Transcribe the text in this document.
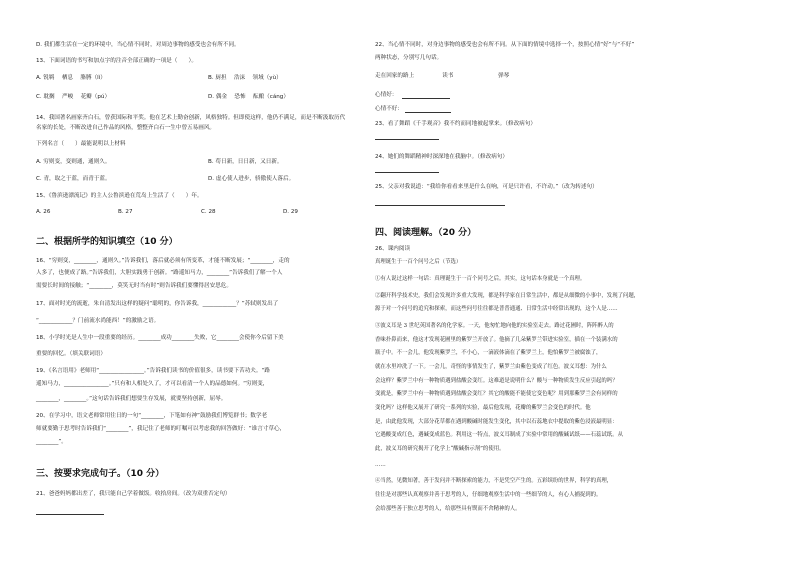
D. 我们都生活在一定的环境中，当心情不同时，对周边事物的感受也会有所不同。
13、下面词语的书写和加点字的注音全部正确的一项是（　　）。
A. 锐羁　 栖息　 胳膊（lì）	B. 厨担　 浩沫　 领域（yù）
C. 耽搁　 严峻　 花瓣（pú）	D. 偶金　 恐怖　 酝酿（cáng）
14、我国著名画家齐白石，曾获国际和平奖。他在艺术上勤奋创新，风格独特。但即使这样，他仍不满足，而是不断汲取历代
名家的长处，不断改进自己作品的风格，整整齐白石一生中曾五易画风。
下列名言（　　）最能说明以上材料
A. 穷则变，变则通，通则久。	B. 苟日新，日日新，又日新。
C. 青，取之于蓝，而青于蓝。	D. 虚心使人进步，骄傲使人落后。
15、《鲁滨逊漂流记》的主人公鲁滨逊在荒岛上生活了（　　）年。
A. 26	B. 27	C. 28	D. 29
二、根据所学的知识填空（10 分）
16、“穷则变，________，通则久。”告诉我们，落后就必须有所变革，才能不断发展；“________，走的
人多了，也便成了路。”告诉我们，大胆实践勇于创新。“路遥知马力，________”告诉我们了解一个人
需要长时间的接触；“________，莫笑无时当有时”则告诉我们要懂得居安思危。
17、面对时光的流逝，朱自清发出这样的疑问“聪明的，你告诉我，____________？”苏轼则发出了
“____________？门前流水尚能西！”的激励之语。
18、小学时光是人生中一段重要的经历。________成功________失败，它________会使你今后留下美
重要的回忆。（填关联词语）
19、《名言语用》老师用“________________。”告诉我们读书的价值很多，读书要下苦功夫。“路
遥知马力，________________。”只有和人相处久了，才可以看清一个人的品德如何。“穷则变，
________，________。”这句话告诉我们想要生存发展，就要坚持创新，屈辱。
20、在学习中，语文老师常用往日的一句“________，下笔如有神”鼓励我们博览群书；数学老
师就要勤于思考时告诉我们“________”，我记住了老师的叮嘱可以考虑我的回答做好：“谁言寸草心，
________”。
三、按要求完成句子。（10 分）
21、爸爸妈妈都出差了，我只能自己学着做饭。收拾房间。（改为双重否定句）
22、当心情不同时，对身边事物的感受也会有所不同。从下面的情境中选择一个，按照心情“好”与“不好”
两种状态，分别写几句话。
走在回家的路上　　　　　读书　　　　　　　　弹琴
心情好：
心情不好：
23、看了舞蹈《千手观音》我不约而同地被起掌来。（修改病句）
24、她们的舞蹈精神时深深地在我脑中。（修改病句）
25、父亲对我说道：“我给你看看来里是什么在响，可是只许看，不许动。”（改为转述句）
四、阅读理解。（20 分）
26、课内阅读
真理诞生于一百个问号之后（节选）
①有人说过这样一句话：真理诞生于一百个问号之后。其实，这句话本身就是一个真理。
②翻开科学技术史，我们会发现许多重大发现，都是科学家在日常生活中，都是从细微的小事中，发现了问题，
源于对一个问号的追究和探索，而这些问号往往都是普普通通、日常生活中经常出现的，这个人是……
③波义耳是 3 世纪英国著名的化学家。一天，他匆忙地向他的实验室走去。路过花圃时，阵阵醉人的
香味扑鼻而来，他这才发现花圃里的紫罗兰开放了。他摘了几朵紫罗兰带进实验室，插在一个装满水的
瓶子中。不一会儿，他发现紫罗兰，不小心，一滴液体滴在了紫罗兰上，他怕紫罗兰被腐蚀了，
就在水里冲洗了一下。一会儿，奇怪的事情发生了，紫罗兰由紫色变成了红色。波义耳想：为什么
会这样？紫罗兰中有一种物质遇到盐酸会变红。这难道是说明什么？酸与一种物质发生反应引起的吗？
变就是，紫罗兰中有一种物质遇到盐酸会变红？其它的酸能不能使它变色呢？用到那紫罗兰会有同样的
变化吗？这样他又展开了研究一系列的实验，最后他发现，花瓣的紫罗兰会变色的时代。他
是，由此他发现，大部分花草都在遇到酸碱时能发生变化，其中以石蕊地衣中提取的紫色浸液最明显：
它遇酸变成红色，遇碱变成蓝色。利用这一特点，波义耳制成了实验中常用的酸碱试纸——石蕊试纸。从
此，波义耳的研究揭开了化学上“酸碱指示剂”的使用。
……
④当然，见微知著，善于发问并不断探索的能力，不是凭空产生的。五彩缤纷的世界，科学的真理，
往往是对那些认真观察并善于思考的人，仔细地观察生活中的一些细节的人，有心人捕捉到的。
会给那些善于独立思考的人，给那些具有锲而不舍精神的人。
